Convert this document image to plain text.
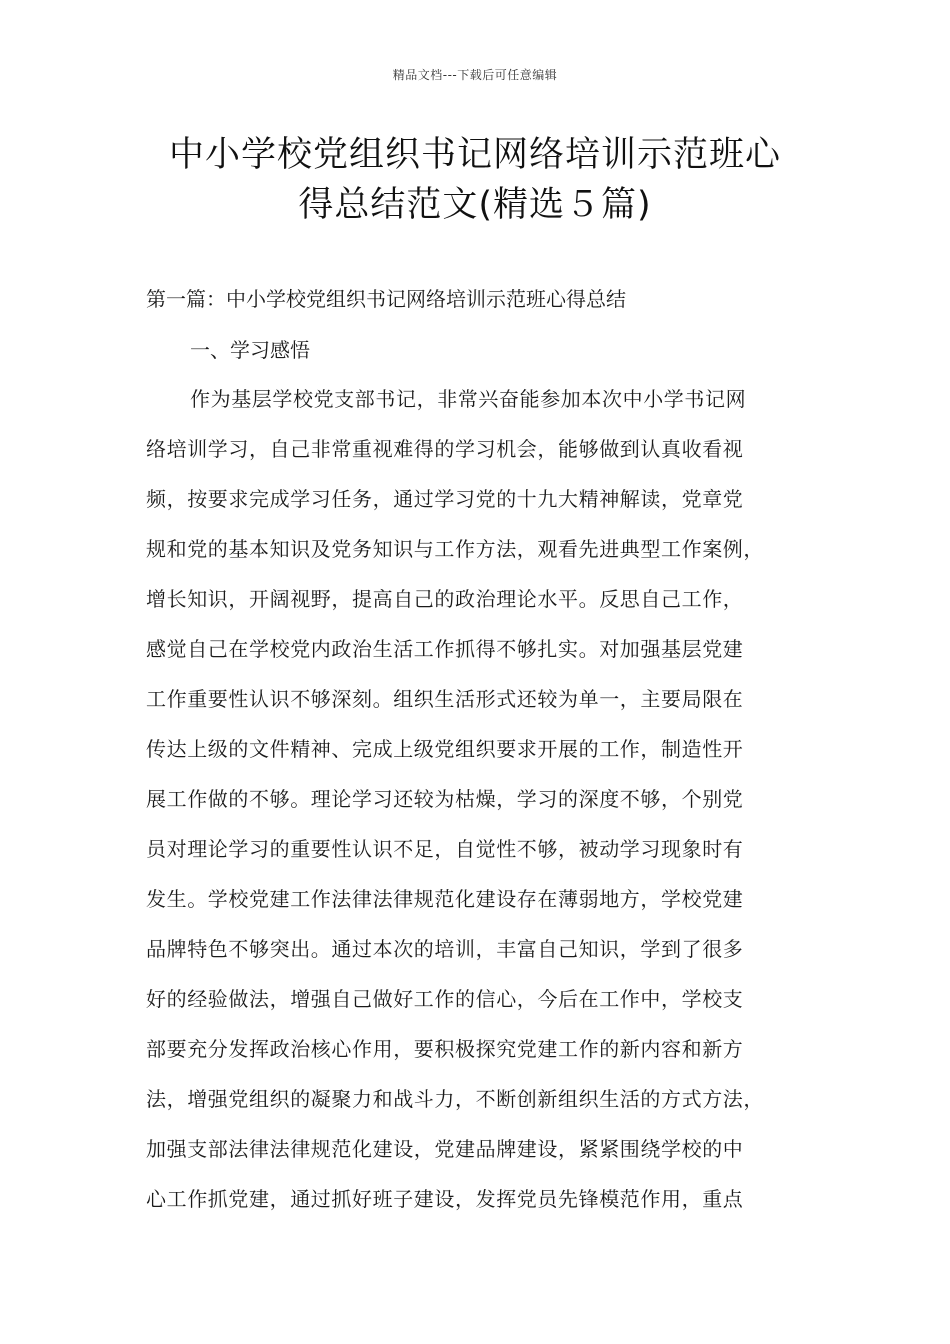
精品文档---下载后可任意编辑
中小学校党组织书记网络培训示范班心
得总结范文(精选５篇)
第一篇：中小学校党组织书记网络培训示范班心得总结
一、学习感悟
作为基层学校党支部书记，非常兴奋能参加本次中小学书记网
络培训学习，自己非常重视难得的学习机会，能够做到认真收看视
频，按要求完成学习任务，通过学习党的十九大精神解读，党章党
规和党的基本知识及党务知识与工作方法，观看先进典型工作案例，
增长知识，开阔视野，提高自己的政治理论水平。反思自己工作，
感觉自己在学校党内政治生活工作抓得不够扎实。对加强基层党建
工作重要性认识不够深刻。组织生活形式还较为单一，主要局限在
传达上级的文件精神、完成上级党组织要求开展的工作，制造性开
展工作做的不够。理论学习还较为枯燥，学习的深度不够，个别党
员对理论学习的重要性认识不足，自觉性不够，被动学习现象时有
发生。学校党建工作法律法律规范化建设存在薄弱地方，学校党建
品牌特色不够突出。通过本次的培训，丰富自己知识，学到了很多
好的经验做法，增强自己做好工作的信心，今后在工作中，学校支
部要充分发挥政治核心作用，要积极探究党建工作的新内容和新方
法，增强党组织的凝聚力和战斗力，不断创新组织生活的方式方法，
加强支部法律法律规范化建设，党建品牌建设，紧紧围绕学校的中
心工作抓党建，通过抓好班子建设，发挥党员先锋模范作用，重点
